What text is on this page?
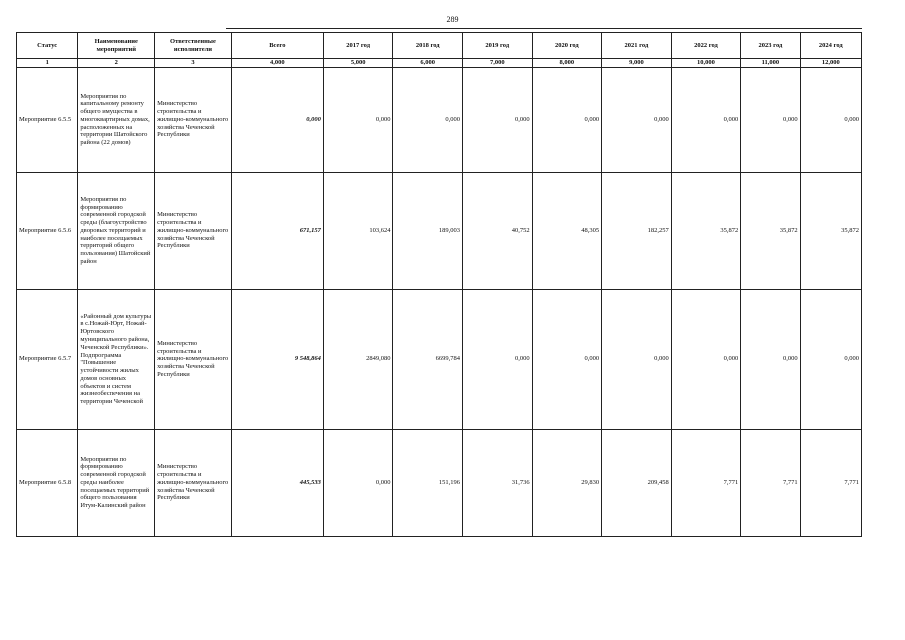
289
Статус	Наименование мероприятий	Ответственные исполнители	Всего	2017 год	2018 год	2019 год	2020 год	2021 год	2022 год	2023 год	2024 год
1	2	3	4,000	5,000	6,000	7,000	8,000	9,000	10,000	11,000	12,000
Мероприятие 6.5.5	Мероприятия по капитальному ремонту общего имущества в многоквартирных домах, расположенных на территории Шатойского района (22 домов)	Министерство строительства и жилищно-коммунального хозяйства Чеченской Республики	0,000	0,000	0,000	0,000	0,000	0,000	0,000	0,000	0,000
Мероприятие 6.5.6	Мероприятия по формированию современной городской среды (благоустройство дворовых территорий и наиболее посещаемых территорий общего пользования) Шатойский район	Министерство строительства и жилищно-коммунального хозяйства Чеченской Республики	671,157	103,624	189,003	40,752	48,305	182,257	35,872	35,872	35,872
Мероприятие 6.5.7	«Районный дом культуры в с.Ножай-Юрт, Ножай-Юртовского муниципального района, Чеченской Республики». Подпрограмма "Повышение устойчивости жилых домов основных объектов и систем жизнеобеспечения на территории Чеченской	Министерство строительства и жилищно-коммунального хозяйства Чеченской Республики	9 548,864	2849,080	6699,784	0,000	0,000	0,000	0,000	0,000	0,000
Мероприятие 6.5.8	Мероприятия по формированию современной городской среды наиболее посещаемых территорий общего пользования Итум-Калинский район	Министерство строительства и жилищно-коммунального хозяйства Чеченской Республики	445,533	0,000	151,196	31,736	29,830	209,458	7,771	7,771	7,771
